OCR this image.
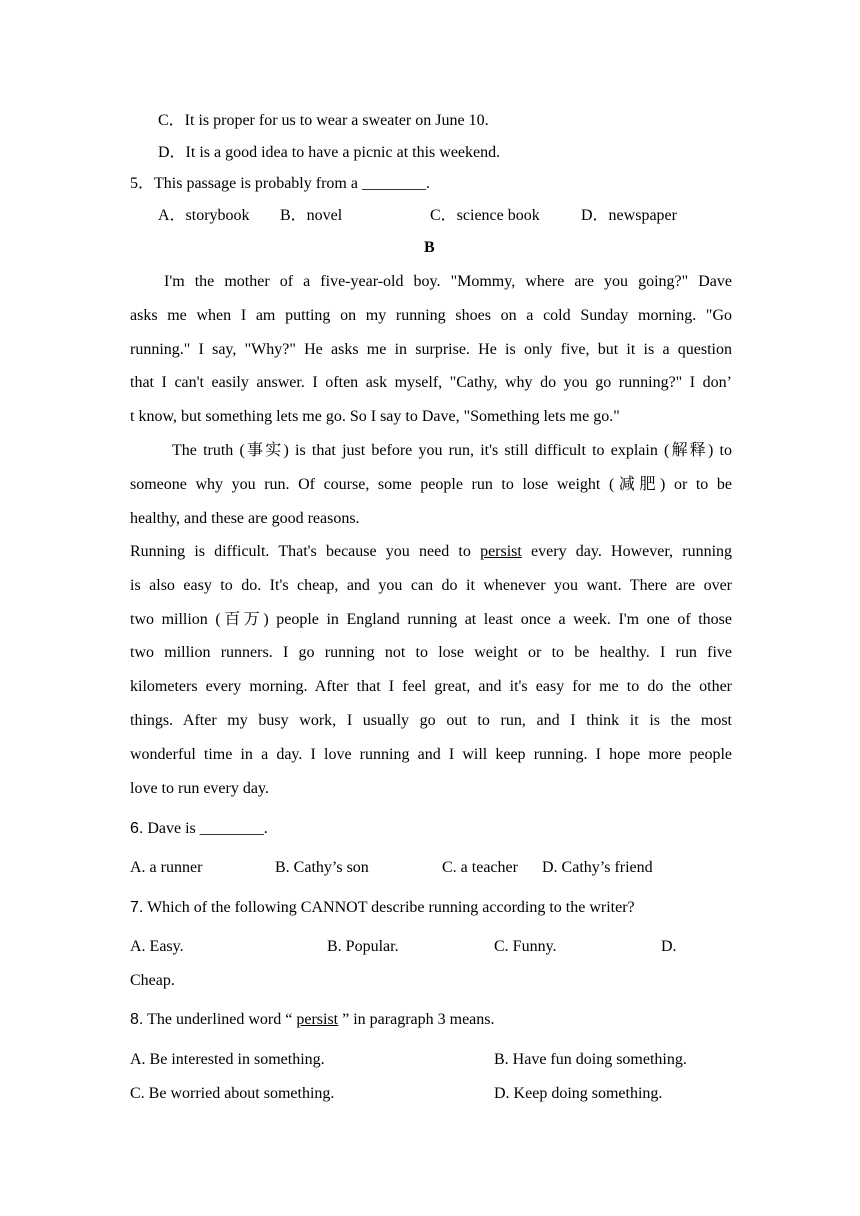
C．It is proper for us to wear a sweater on June 10.
D．It is a good idea to have a picnic at this weekend.
5．This passage is probably from a ________.
A．storybook B．novel	C．science book	D．newspaper
B
I'm the mother of a five-year-old boy. "Mommy, where are you going?" Dave
asks me when I am putting on my running shoes on a cold Sunday morning. "Go
running." I say, "Why?" He asks me in surprise. He is only five, but it is a question
that I can't easily answer. I often ask myself, "Cathy, why do you go running?" I don’
t know, but something lets me go. So I say to Dave, "Something lets me go."
The truth (事实) is that just before you run, it's still difficult to explain (解释) to
someone why you run. Of course, some people run to lose weight (减肥) or to be
healthy, and these are good reasons.
Running is difficult. That's because you need to persist every day. However, running
is also easy to do. It's cheap, and you can do it whenever you want. There are over
two million (百万) people in England running at least once a week. I'm one of those
two million runners. I go running not to lose weight or to be healthy. I run five
kilometers every morning. After that I feel great, and it's easy for me to do the other
things. After my busy work, I usually go out to run, and I think it is the most
wonderful time in a day. I love running and I will keep running. I hope more people
love to run every day.
6. Dave is ________.
A. a runner	B. Cathy’s son	C. a teacher D. Cathy’s friend
7. Which of the following CANNOT describe running according to the writer?
A. Easy.	B. Popular.	C. Funny.	D.
Cheap.
8. The underlined word “ persist ” in paragraph 3 means.
A. Be interested in something.	B. Have fun doing something.
C. Be worried about something.	D. Keep doing something.
